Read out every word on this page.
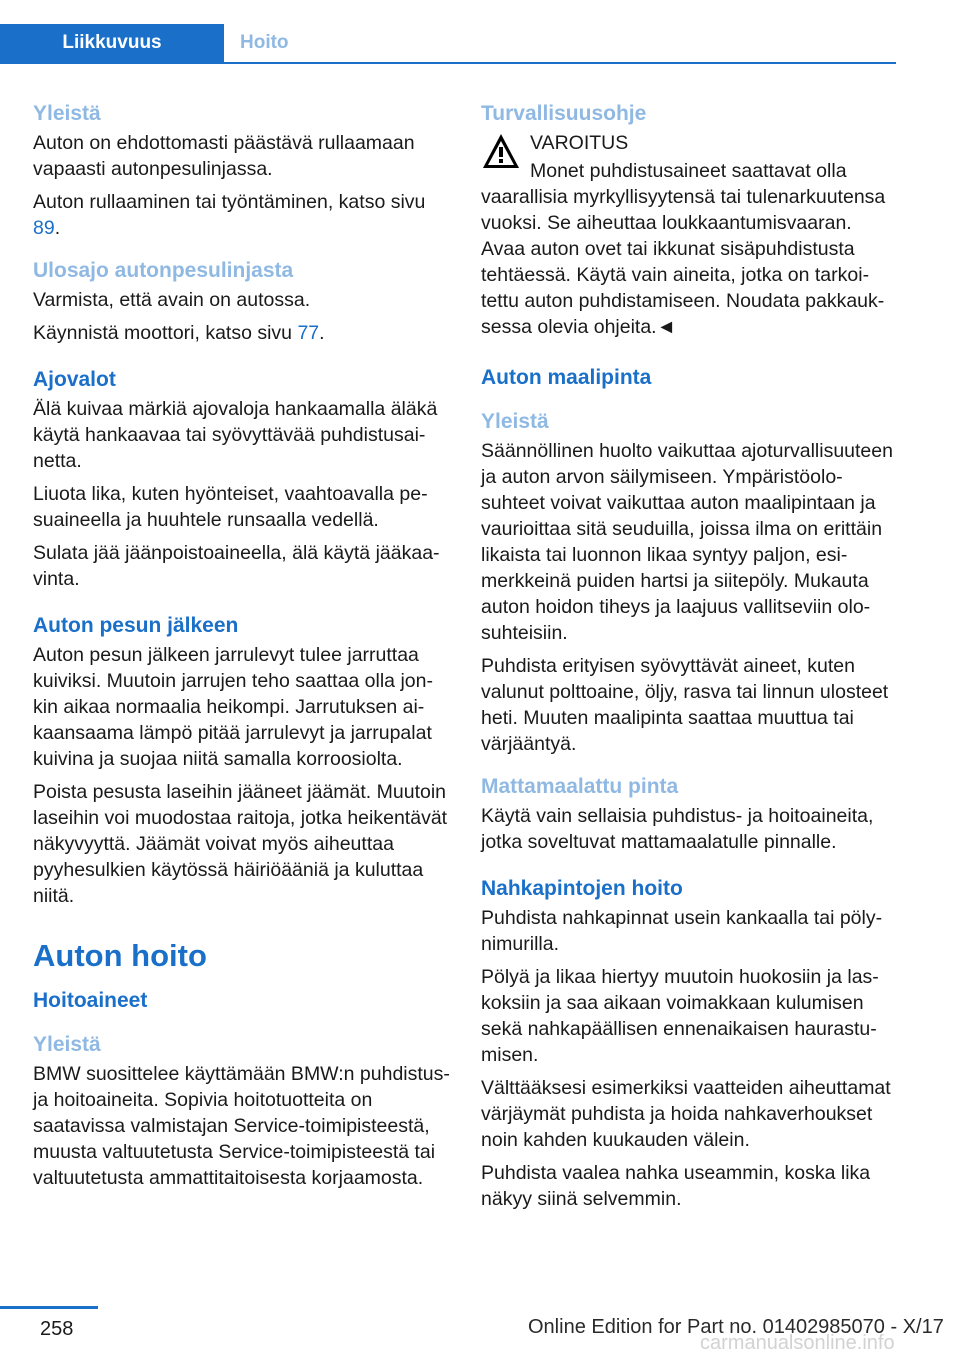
Liikkuvuus	Hoito
Yleistä

Auton on ehdottomasti päästävä rullaamaan vapaasti autonpesulinjassa.

Auton rullaaminen tai työntäminen, katso sivu 89.

Ulosajo autonpesulinjasta

Varmista, että avain on autossa.

Käynnistä moottori, katso sivu 77.

Ajovalot

Älä kuivaa märkiä ajovaloja hankaamalla äläkä käytä hankaavaa tai syövyttävää puhdistusainetta.

Liuota lika, kuten hyönteiset, vaahtoavalla pesuaineella ja huuhtele runsaalla vedellä.

Sulata jää jäänpoistoaineella, älä käytä jääkaavinta.

Auton pesun jälkeen

Auton pesun jälkeen jarrulevyt tulee jarruttaa kuiviksi. Muutoin jarrujen teho saattaa olla jonkin aikaa normaalia heikompi. Jarrutuksen aikaansaama lämpö pitää jarrulevyt ja jarrupalat kuivina ja suojaa niitä samalla korroosiolta.

Poista pesusta laseihin jääneet jäämät. Muutoin laseihin voi muodostaa raitoja, jotka heikentävät näkyvyyttä. Jäämät voivat myös aiheuttaa pyyhesulkien käytössä häiriöääniä ja kuluttaa niitä.

Auton hoito
Hoitoaineet
Yleistä

BMW suosittelee käyttämään BMW:n puhdistus- ja hoitoaineita. Sopivia hoitotuotteita on saatavissa valmistajan Service-toimipisteestä, muusta valtuutetusta Service-toimipisteestä tai valtuutetusta ammattitaitoisesta korjaamosta.

Turvallisuusohje

VAROITUS

Monet puhdistusaineet saattavat olla vaarallisia myrkyllisyytensä tai tulenarkuutensa vuoksi. Se aiheuttaa loukkaantumisvaaran. Avaa auton ovet tai ikkunat sisäpuhdistusta tehtäessä. Käytä vain aineita, jotka on tarkoitettu auton puhdistamiseen. Noudata pakkauksessa olevia ohjeita.◄

Auton maalipinta
Yleistä

Säännöllinen huolto vaikuttaa ajoturvallisuuteen ja auton arvon säilymiseen. Ympäristöolosuhteet voivat vaikuttaa auton maalipintaan ja vaurioittaa sitä seuduilla, joissa ilma on erittäin likaista tai luonnon likaa syntyy paljon, esimerkkeinä puiden hartsi ja siitepöly. Mukauta auton hoidon tiheys ja laajuus vallitseviin olosuhteisiin.

Puhdista erityisen syövyttävät aineet, kuten valunut polttoaine, öljy, rasva tai linnun ulosteet heti. Muuten maalipinta saattaa muuttua tai värjääntyä.

Mattamaalattu pinta

Käytä vain sellaisia puhdistus- ja hoitoaineita, jotka soveltuvat mattamaalatulle pinnalle.

Nahkapintojen hoito

Puhdista nahkapinnat usein kankaalla tai pölynimurilla.

Pölyä ja likaa hiertyy muutoin huokosiin ja laskoksiin ja saa aikaan voimakkaan kulumisen sekä nahkapäällisen ennenaikaisen haurastumisen.

Välttääksesi esimerkiksi vaatteiden aiheuttamat värjäymät puhdista ja hoida nahkaverhoukset noin kahden kuukauden välein.

Puhdista vaalea nahka useammin, koska lika näkyy siinä selvemmin.

258	Online Edition for Part no. 01402985070 - X/17
carmanualsonline.info
